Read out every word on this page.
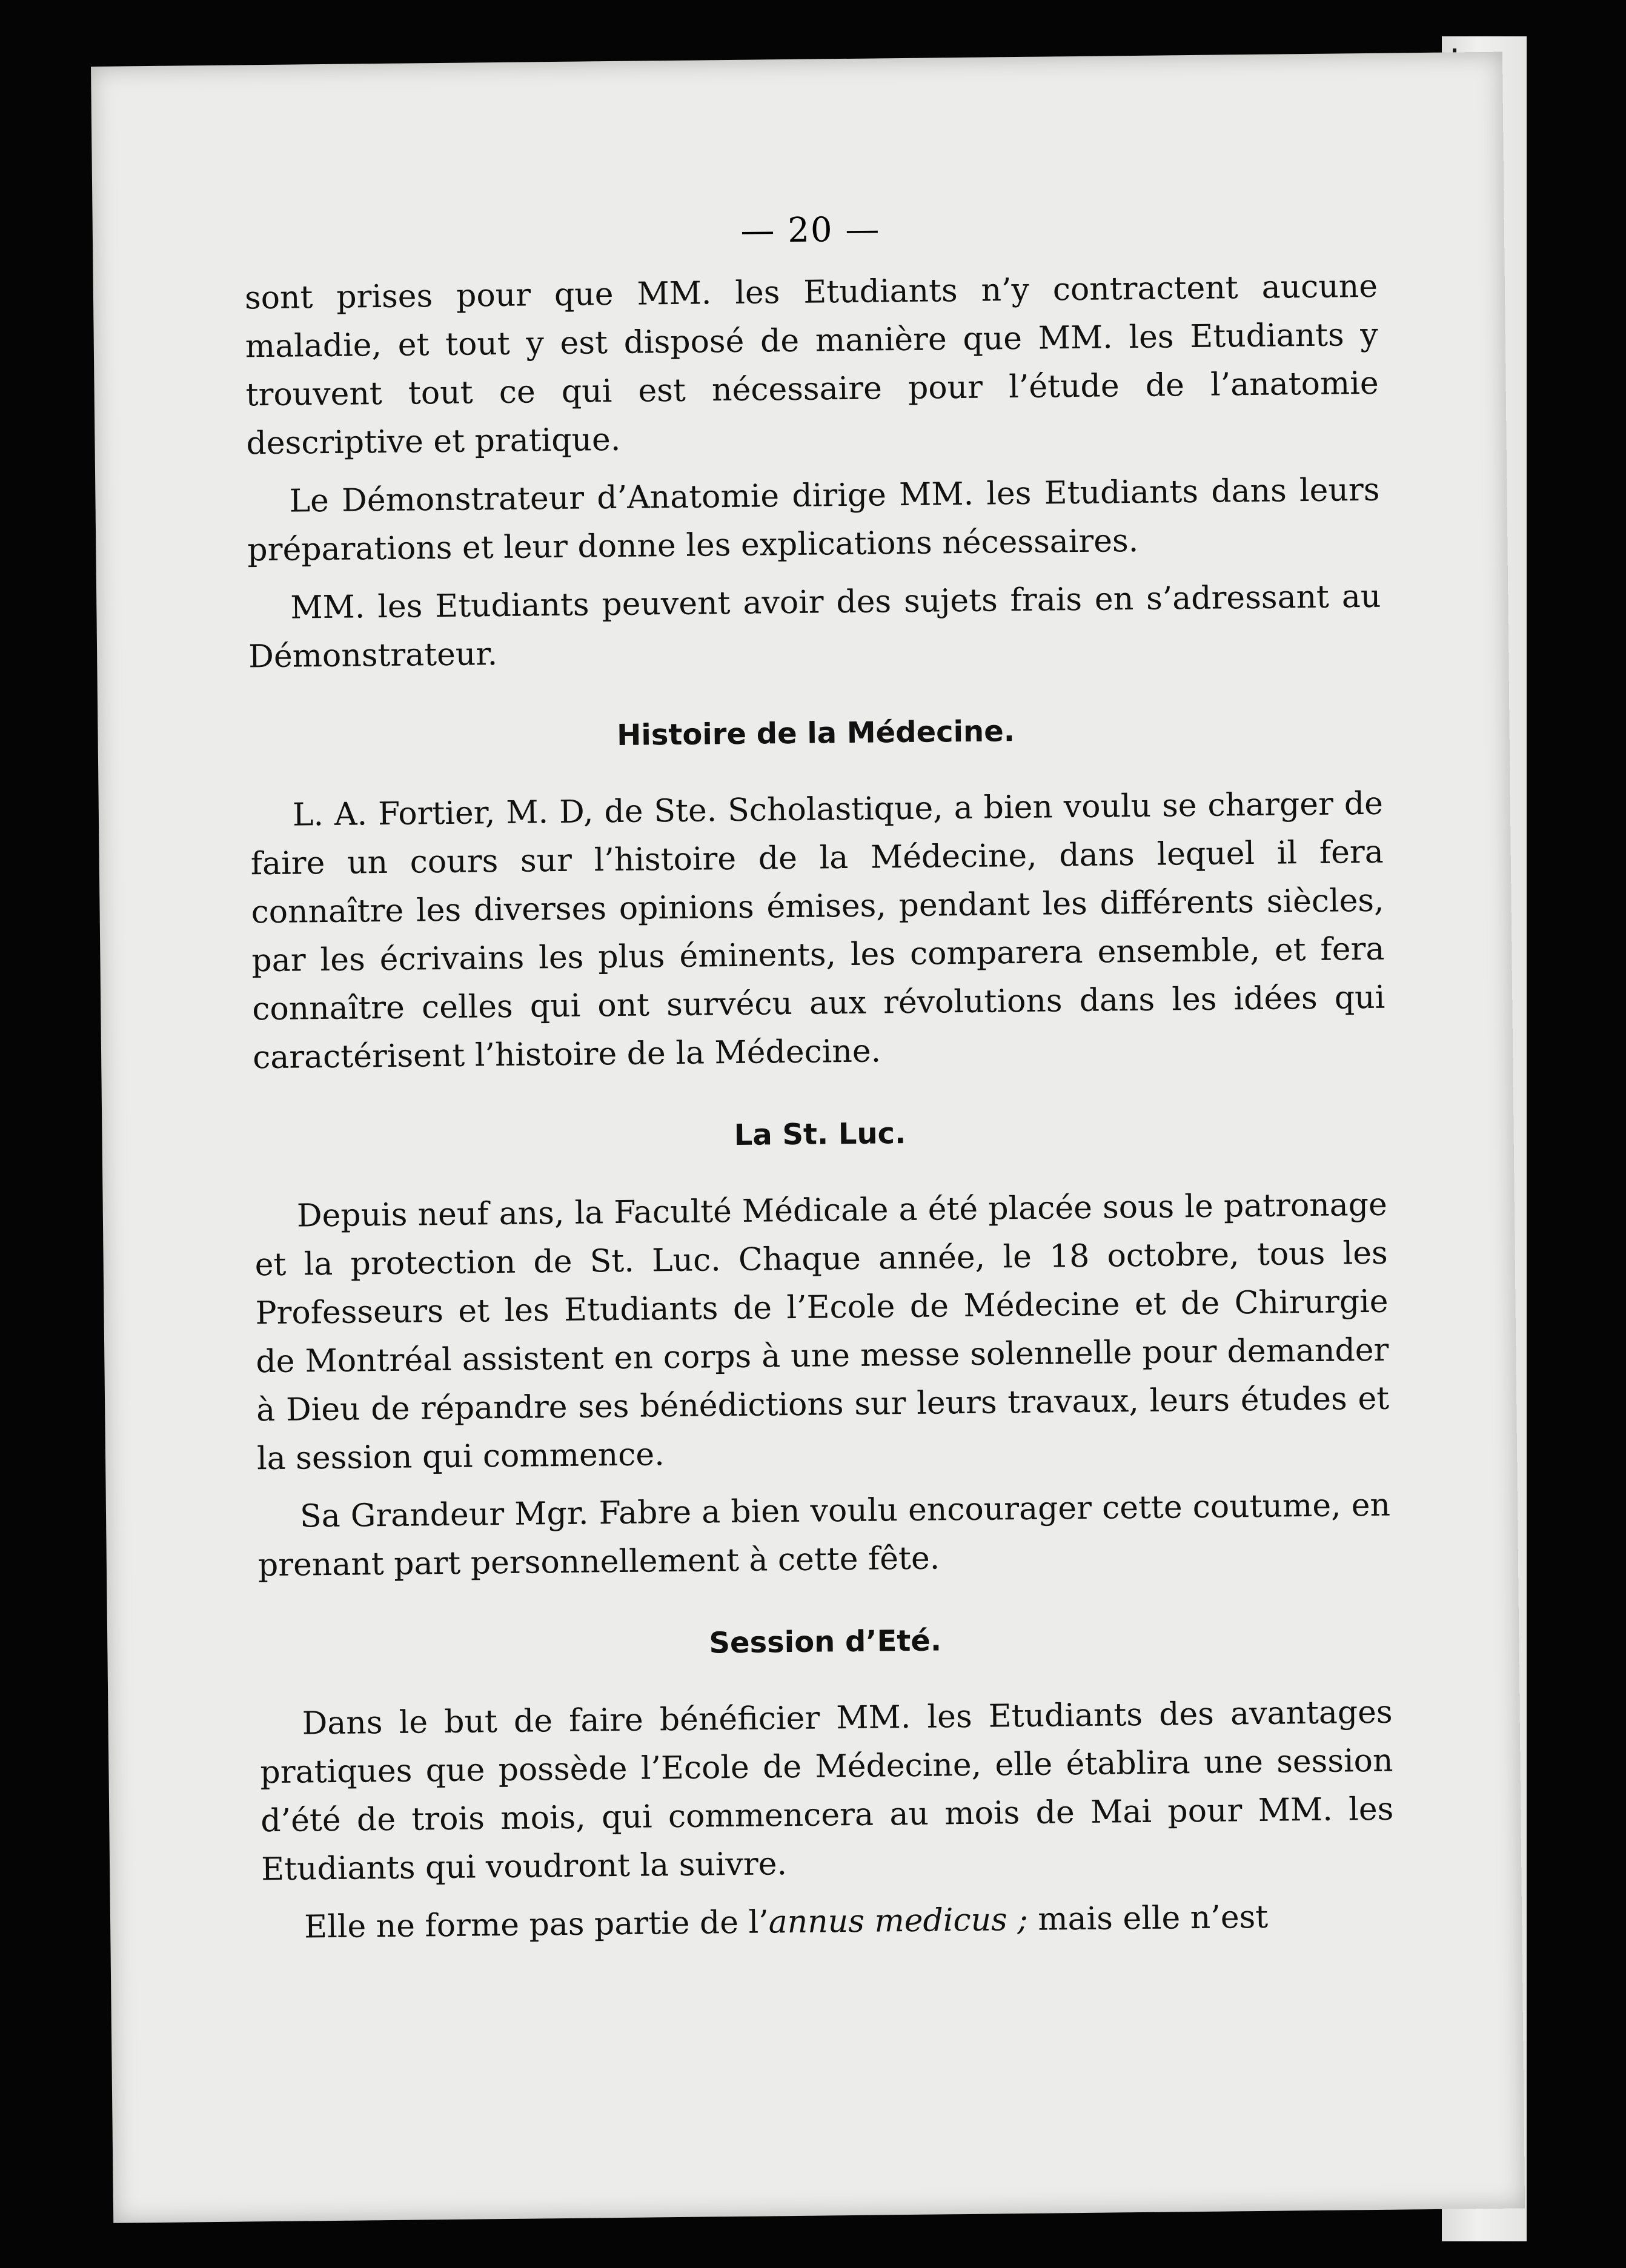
— 20 —

sont prises pour que MM. les Etudiants n’y contractent aucune maladie, et tout y est disposé de manière que MM. les Etudiants y trouvent tout ce qui est nécessaire pour l’étude de l’anatomie descriptive et pratique.

Le Démonstrateur d’Anatomie dirige MM. les Etudiants dans leurs préparations et leur donne les explications nécessaires.

MM. les Etudiants peuvent avoir des sujets frais en s’adressant au Démonstrateur.

Histoire de la Médecine.

L. A. Fortier, M. D, de Ste. Scholastique, a bien voulu se charger de faire un cours sur l’histoire de la Médecine, dans lequel il fera connaître les diverses opinions émises, pendant les différents siècles, par les écrivains les plus éminents, les comparera ensemble, et fera connaître celles qui ont survécu aux révolutions dans les idées qui caractérisent l’histoire de la Médecine.

La St. Luc.

Depuis neuf ans, la Faculté Médicale a été placée sous le patronage et la protection de St. Luc. Chaque année, le 18 octobre, tous les Professeurs et les Etudiants de l’Ecole de Médecine et de Chirurgie de Montréal assistent en corps à une messe solennelle pour demander à Dieu de répandre ses bénédictions sur leurs travaux, leurs études et la session qui commence.

Sa Grandeur Mgr. Fabre a bien voulu encourager cette coutume, en prenant part personnellement à cette fête.

Session d’Eté.

Dans le but de faire bénéficier MM. les Etudiants des avantages pratiques que possède l’Ecole de Médecine, elle établira une session d’été de trois mois, qui commencera au mois de Mai pour MM. les Etudiants qui voudront la suivre.

Elle ne forme pas partie de l’annus medicus ; mais elle n’est
